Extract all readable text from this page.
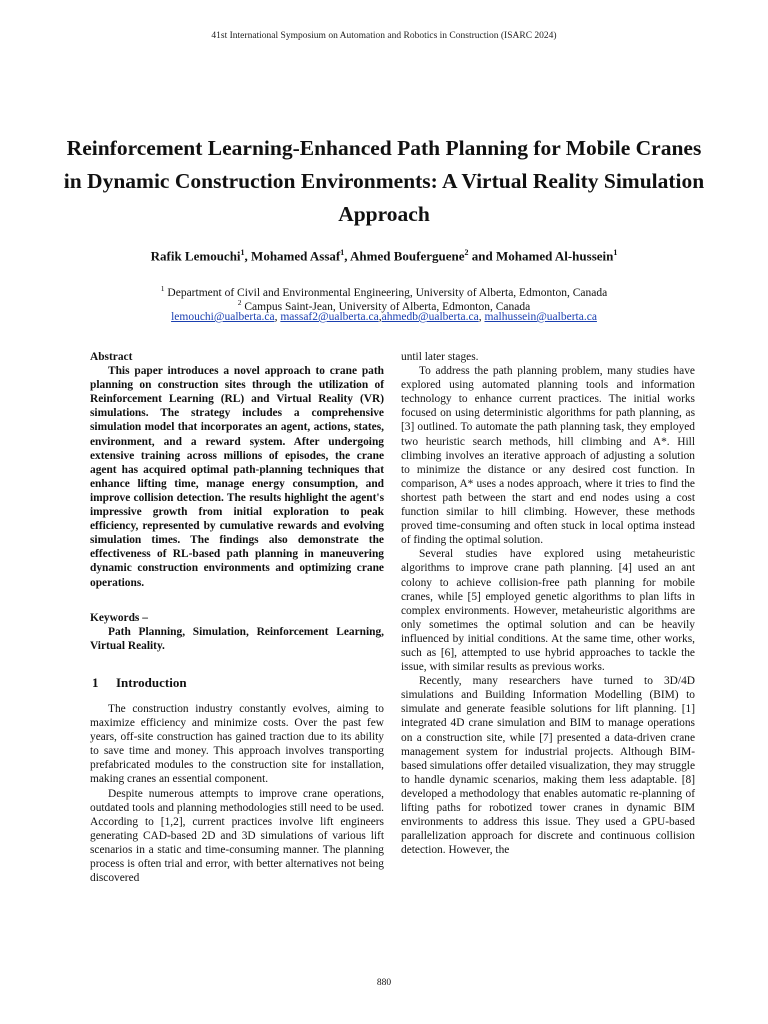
41st International Symposium on Automation and Robotics in Construction (ISARC 2024)
Reinforcement Learning-Enhanced Path Planning for Mobile Cranes in Dynamic Construction Environments: A Virtual Reality Simulation Approach
Rafik Lemouchi$^1$, Mohamed Assaf$^1$, Ahmed Bouferguene$^2$ and Mohamed Al-hussein$^1$
$^1$ Department of Civil and Environmental Engineering, University of Alberta, Edmonton, Canada
$^2$ Campus Saint-Jean, University of Alberta, Edmonton, Canada
lemouchi@ualberta.ca, massaf2@ualberta.ca,ahmedb@ualberta.ca, malhussein@ualberta.ca

Abstract

This paper introduces a novel approach to crane path planning on construction sites through the utilization of Reinforcement Learning (RL) and Virtual Reality (VR) simulations. The strategy includes a comprehensive simulation model that incorporates an agent, actions, states, environment, and a reward system. After undergoing extensive training across millions of episodes, the crane agent has acquired optimal path-planning techniques that enhance lifting time, manage energy consumption, and improve collision detection. The results highlight the agent's impressive growth from initial exploration to peak efficiency, represented by cumulative rewards and evolving simulation times. The findings also demonstrate the effectiveness of RL-based path planning in maneuvering dynamic construction environments and optimizing crane operations.

Keywords –

Path Planning, Simulation, Reinforcement Learning, Virtual Reality.

1 Introduction

The construction industry constantly evolves, aiming to maximize efficiency and minimize costs. Over the past few years, off-site construction has gained traction due to its ability to save time and money. This approach involves transporting prefabricated modules to the construction site for installation, making cranes an essential component.

Despite numerous attempts to improve crane operations, outdated tools and planning methodologies still need to be used. According to [1,2], current practices involve lift engineers generating CAD-based 2D and 3D simulations of various lift scenarios in a static and time-consuming manner. The planning process is often trial and error, with better alternatives not being discovered

until later stages.

To address the path planning problem, many studies have explored using automated planning tools and information technology to enhance current practices. The initial works focused on using deterministic algorithms for path planning, as [3] outlined. To automate the path planning task, they employed two heuristic search methods, hill climbing and A*. Hill climbing involves an iterative approach of adjusting a solution to minimize the distance or any desired cost function. In comparison, A* uses a nodes approach, where it tries to find the shortest path between the start and end nodes using a cost function similar to hill climbing. However, these methods proved time-consuming and often stuck in local optima instead of finding the optimal solution.

Several studies have explored using metaheuristic algorithms to improve crane path planning. [4] used an ant colony to achieve collision-free path planning for mobile cranes, while [5] employed genetic algorithms to plan lifts in complex environments. However, metaheuristic algorithms are only sometimes the optimal solution and can be heavily influenced by initial conditions. At the same time, other works, such as [6], attempted to use hybrid approaches to tackle the issue, with similar results as previous works.

Recently, many researchers have turned to 3D/4D simulations and Building Information Modelling (BIM) to simulate and generate feasible solutions for lift planning. [1] integrated 4D crane simulation and BIM to manage operations on a construction site, while [7] presented a data-driven crane management system for industrial projects. Although BIM-based simulations offer detailed visualization, they may struggle to handle dynamic scenarios, making them less adaptable. [8] developed a methodology that enables automatic re-planning of lifting paths for robotized tower cranes in dynamic BIM environments to address this issue. They used a GPU-based parallelization approach for discrete and continuous collision detection. However, the

880
